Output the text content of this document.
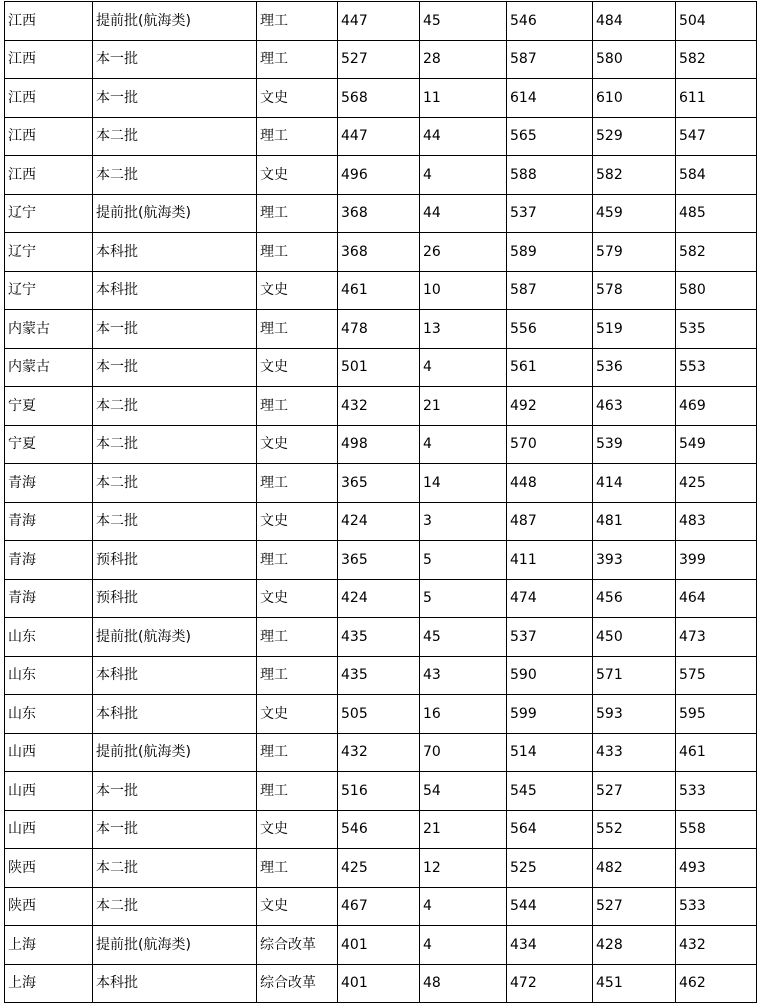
江西	提前批(航海类)	理工	447	45	546	484	504
江西	本一批	理工	527	28	587	580	582
江西	本一批	文史	568	11	614	610	611
江西	本二批	理工	447	44	565	529	547
江西	本二批	文史	496	4	588	582	584
辽宁	提前批(航海类)	理工	368	44	537	459	485
辽宁	本科批	理工	368	26	589	579	582
辽宁	本科批	文史	461	10	587	578	580
内蒙古	本一批	理工	478	13	556	519	535
内蒙古	本一批	文史	501	4	561	536	553
宁夏	本二批	理工	432	21	492	463	469
宁夏	本二批	文史	498	4	570	539	549
青海	本二批	理工	365	14	448	414	425
青海	本二批	文史	424	3	487	481	483
青海	预科批	理工	365	5	411	393	399
青海	预科批	文史	424	5	474	456	464
山东	提前批(航海类)	理工	435	45	537	450	473
山东	本科批	理工	435	43	590	571	575
山东	本科批	文史	505	16	599	593	595
山西	提前批(航海类)	理工	432	70	514	433	461
山西	本一批	理工	516	54	545	527	533
山西	本一批	文史	546	21	564	552	558
陕西	本二批	理工	425	12	525	482	493
陕西	本二批	文史	467	4	544	527	533
上海	提前批(航海类)	综合改革	401	4	434	428	432
上海	本科批	综合改革	401	48	472	451	462
